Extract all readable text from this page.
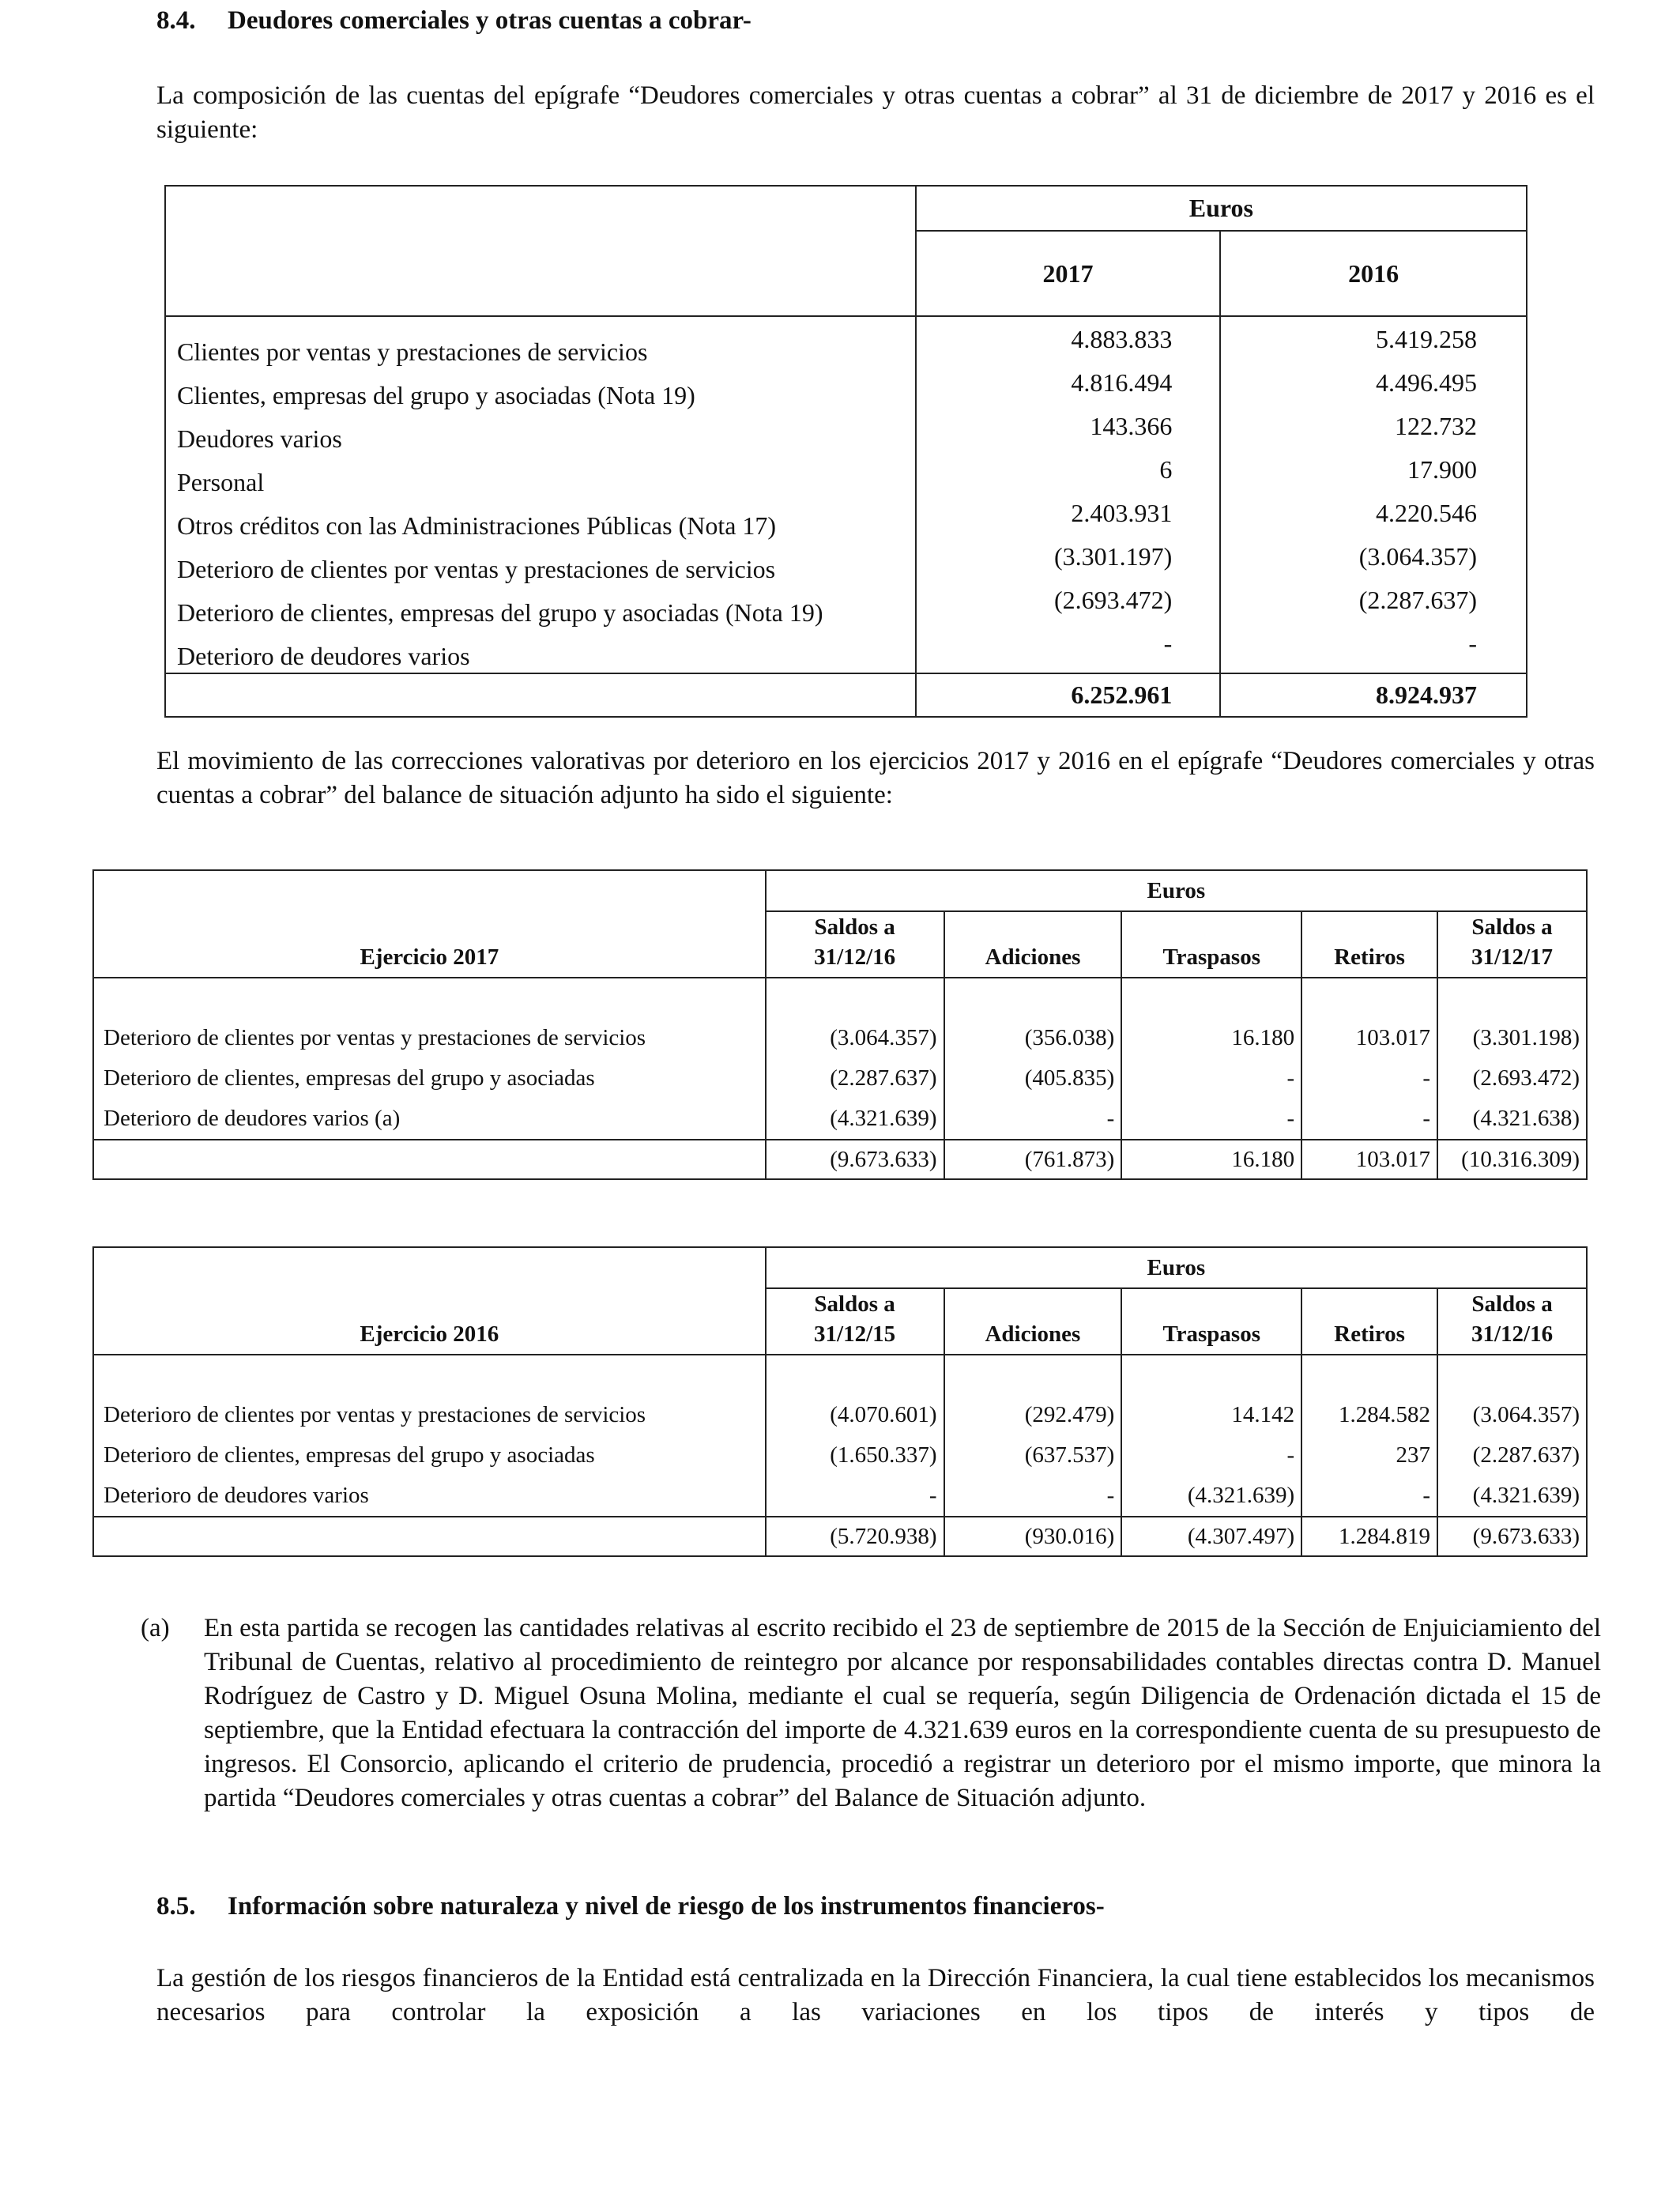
8.4. Deudores comerciales y otras cuentas a cobrar-
La composición de las cuentas del epígrafe “Deudores comerciales y otras cuentas a cobrar” al 31 de diciembre de 2017 y 2016 es el siguiente:
	Euros	
	2017	2016

Clientes por ventas y prestaciones de servicios	4.883.833	5.419.258
Clientes, empresas del grupo y asociadas (Nota 19)	4.816.494	4.496.495
Deudores varios	143.366	122.732
Personal	6	17.900
Otros créditos con las Administraciones Públicas (Nota 17)	2.403.931	4.220.546
Deterioro de clientes por ventas y prestaciones de servicios	(3.301.197)	(3.064.357)
Deterioro de clientes, empresas del grupo y asociadas (Nota 19)	(2.693.472)	(2.287.637)
Deterioro de deudores varios	-	-
	6.252.961	8.924.937
El movimiento de las correcciones valorativas por deterioro en los ejercicios 2017 y 2016 en el epígrafe “Deudores comerciales y otras cuentas a cobrar” del balance de situación adjunto ha sido el siguiente:
Ejercicio 2017	Euros				
	Saldos a
31/12/16	Adiciones	Traspasos	Retiros	Saldos a
31/12/17

Deterioro de clientes por ventas y prestaciones de servicios	(3.064.357)	(356.038)	16.180	103.017	(3.301.198)
Deterioro de clientes, empresas del grupo y asociadas	(2.287.637)	(405.835)	-	-	(2.693.472)
Deterioro de deudores varios (a)	(4.321.639)	-	-	-	(4.321.638)
	(9.673.633)	(761.873)	16.180	103.017	(10.316.309)
Ejercicio 2016	Euros				
	Saldos a
31/12/15	Adiciones	Traspasos	Retiros	Saldos a
31/12/16

Deterioro de clientes por ventas y prestaciones de servicios	(4.070.601)	(292.479)	14.142	1.284.582	(3.064.357)
Deterioro de clientes, empresas del grupo y asociadas	(1.650.337)	(637.537)	-	237	(2.287.637)
Deterioro de deudores varios	-	-	(4.321.639)	-	(4.321.639)
	(5.720.938)	(930.016)	(4.307.497)	1.284.819	(9.673.633)
(a) En esta partida se recogen las cantidades relativas al escrito recibido el 23 de septiembre de 2015 de la Sección de Enjuiciamiento del Tribunal de Cuentas, relativo al procedimiento de reintegro por alcance por responsabilidades contables directas contra D. Manuel Rodríguez de Castro y D. Miguel Osuna Molina, mediante el cual se requería, según Diligencia de Ordenación dictada el 15 de septiembre, que la Entidad efectuara la contracción del importe de 4.321.639 euros en la correspondiente cuenta de su presupuesto de ingresos. El Consorcio, aplicando el criterio de prudencia, procedió a registrar un deterioro por el mismo importe, que minora la partida “Deudores comerciales y otras cuentas a cobrar” del Balance de Situación adjunto.
8.5. Información sobre naturaleza y nivel de riesgo de los instrumentos financieros-
La gestión de los riesgos financieros de la Entidad está centralizada en la Dirección Financiera, la cual tiene establecidos los mecanismos necesarios para controlar la exposición a las variaciones en los tipos de interés y tipos de
